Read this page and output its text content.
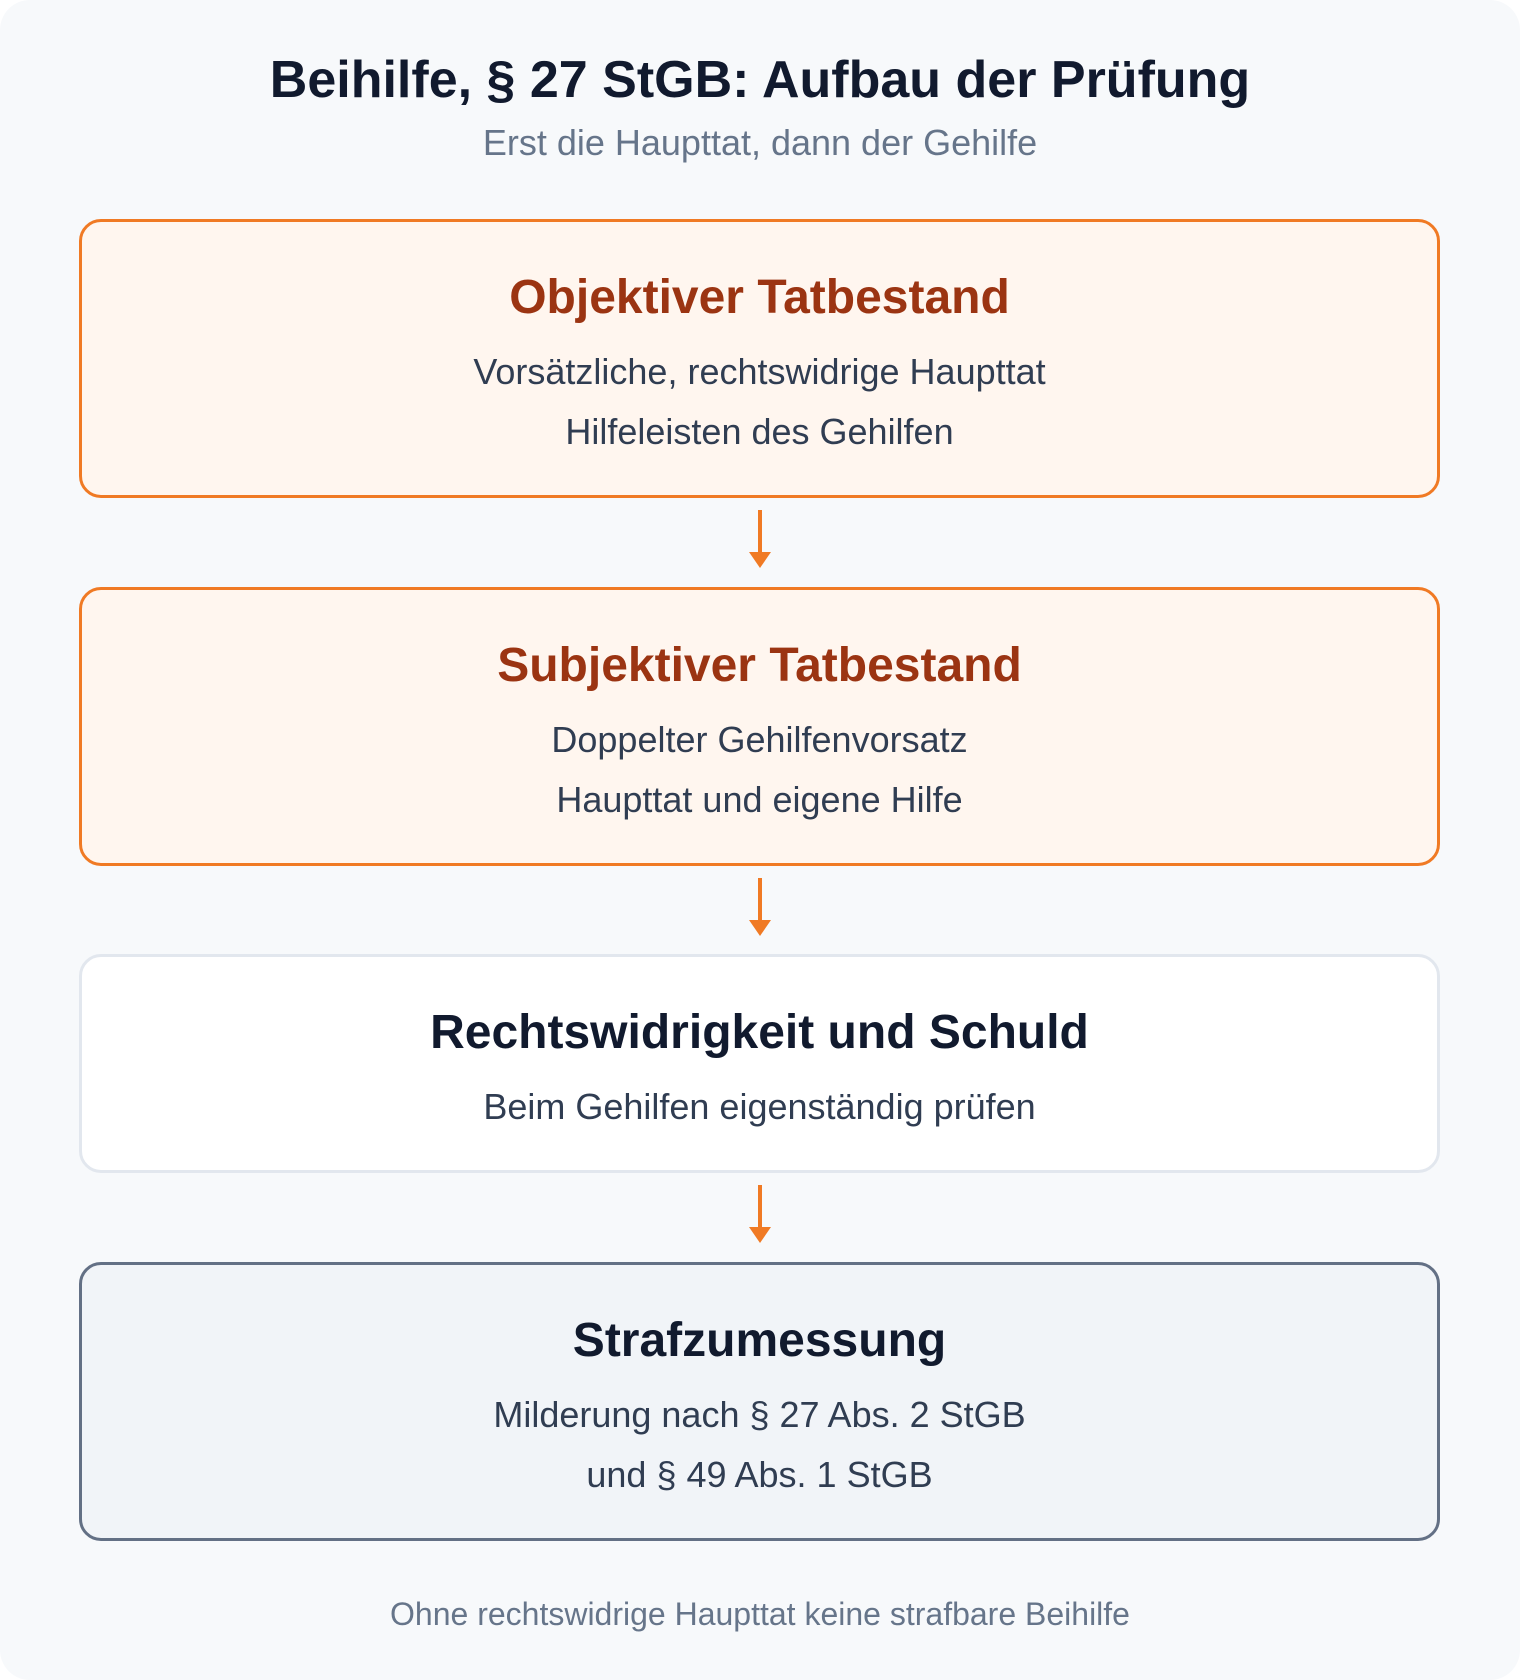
Beihilfe, § 27 StGB: Aufbau der Prüfung

Erst die Haupttat, dann der Gehilfe

Objektiver Tatbestand

Vorsätzliche, rechtswidrige Haupttat

Hilfeleisten des Gehilfen

Subjektiver Tatbestand

Doppelter Gehilfenvorsatz

Haupttat und eigene Hilfe

Rechtswidrigkeit und Schuld

Beim Gehilfen eigenständig prüfen

Strafzumessung

Milderung nach § 27 Abs. 2 StGB

und § 49 Abs. 1 StGB

Ohne rechtswidrige Haupttat keine strafbare Beihilfe
